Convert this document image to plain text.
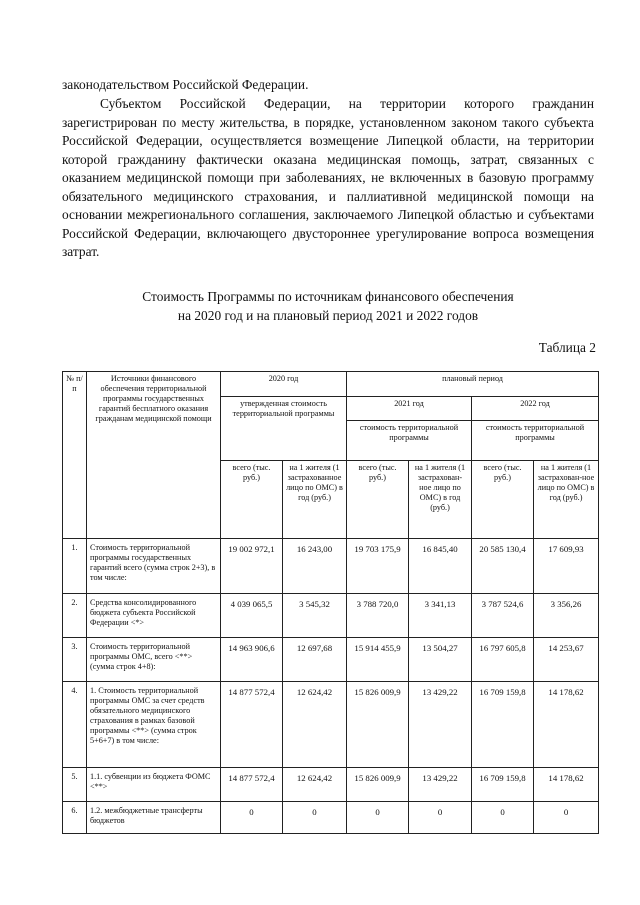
законодательством Российской Федерации.

Субъектом Российской Федерации, на территории которого гражданин зарегистрирован по месту жительства, в порядке, установленном законом такого субъекта Российской Федерации, осуществляется возмещение Липецкой области, на территории которой гражданину фактически оказана медицинская помощь, затрат, связанных с оказанием медицинской помощи при заболеваниях, не включенных в базовую программу обязательного медицинского страхования, и паллиативной медицинской помощи на основании межрегионального соглашения, заключаемого Липецкой областью и субъектами Российской Федерации, включающего двустороннее урегулирование вопроса возмещения затрат.

Стоимость Программы по источникам финансового обеспечения
на 2020 год и на плановый период 2021 и 2022 годов
Таблица 2
№ п/п	Источники финансового обеспечения территориальной программы государственных гарантий бесплатного оказания гражданам медицинской помощи	2020 год		плановый период			
		утвержденная стоимость территориальной программы		2021 год		2022 год	
				стоимость территориальной программы		стоимость территориальной программы	
		всего (тыс. руб.)	на 1 жителя (1 застрахованное лицо по ОМС) в год (руб.)	всего (тыс. руб.)	на 1 жителя (1 застрахован-ное лицо по ОМС) в год (руб.)	всего (тыс. руб.)	на 1 жителя (1 застрахован-ное лицо по ОМС) в год (руб.)
1.	Стоимость территориальной программы государственных гарантий всего (сумма строк 2+3), в том числе:	19 002 972,1	16 243,00	19 703 175,9	16 845,40	20 585 130,4	17 609,93
2.	Средства консолидированного бюджета субъекта Российской Федерации <*>	4 039 065,5	3 545,32	3 788 720,0	3 341,13	3 787 524,6	3 356,26
3.	Стоимость территориальной программы ОМС, всего <**> (сумма строк 4+8):	14 963 906,6	12 697,68	15 914 455,9	13 504,27	16 797 605,8	14 253,67
4.	1. Стоимость территориальной программы ОМС за счет средств обязательного медицинского страхования в рамках базовой программы <**> (сумма строк 5+6+7) в том числе:	14 877 572,4	12 624,42	15 826 009,9	13 429,22	16 709 159,8	14 178,62
5.	1.1. субвенции из бюджета ФОМС <**>	14 877 572,4	12 624,42	15 826 009,9	13 429,22	16 709 159,8	14 178,62
6.	1.2. межбюджетные трансферты бюджетов	0	0	0	0	0	0
